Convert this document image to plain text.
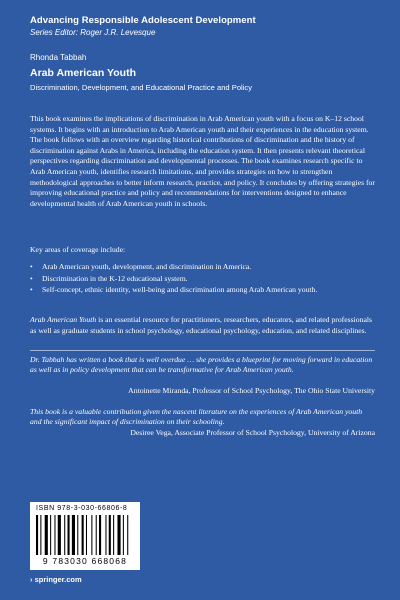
Advancing Responsible Adolescent Development
Series Editor: Roger J.R. Levesque
Rhonda Tabbah
Arab American Youth
Discrimination, Development, and Educational Practice and Policy

This book examines the implications of discrimination in Arab American youth with a focus on K–12 school systems. It begins with an introduction to Arab American youth and their experiences in the education system. The book follows with an overview regarding historical contributions of discrimination and the history of discrimination against Arabs in America, including the education system. It then presents relevant theoretical perspectives regarding discrimination and developmental processes. The book examines research specific to Arab American youth, identifies research limitations, and provides strategies on how to strengthen methodological approaches to better inform research, practice, and policy. It concludes by offering strategies for improving educational practice and policy and recommendations for interventions designed to enhance developmental health of Arab American youth in schools.

Key areas of coverage include:

• Arab American youth, development, and discrimination in America.
• Discrimination in the K-12 educational system.
• Self-concept, ethnic identity, well-being and discrimination among Arab American youth.

Arab American Youth is an essential resource for practitioners, researchers, educators, and related professionals as well as graduate students in school psychology, educational psychology, education, and related disciplines.

Dr. Tabbah has written a book that is well overdue … she provides a blueprint for moving forward in education as well as in policy development that can be transformative for Arab American youth.

Antoinette Miranda, Professor of School Psychology, The Ohio State University

This book is a valuable contribution given the nascent literature on the experiences of Arab American youth and the significant impact of discrimination on their schooling.

Desiree Vega, Associate Professor of School Psychology, University of Arizona

ISBN 978-3-030-66806-8
9 783030 668068
› springer.com
